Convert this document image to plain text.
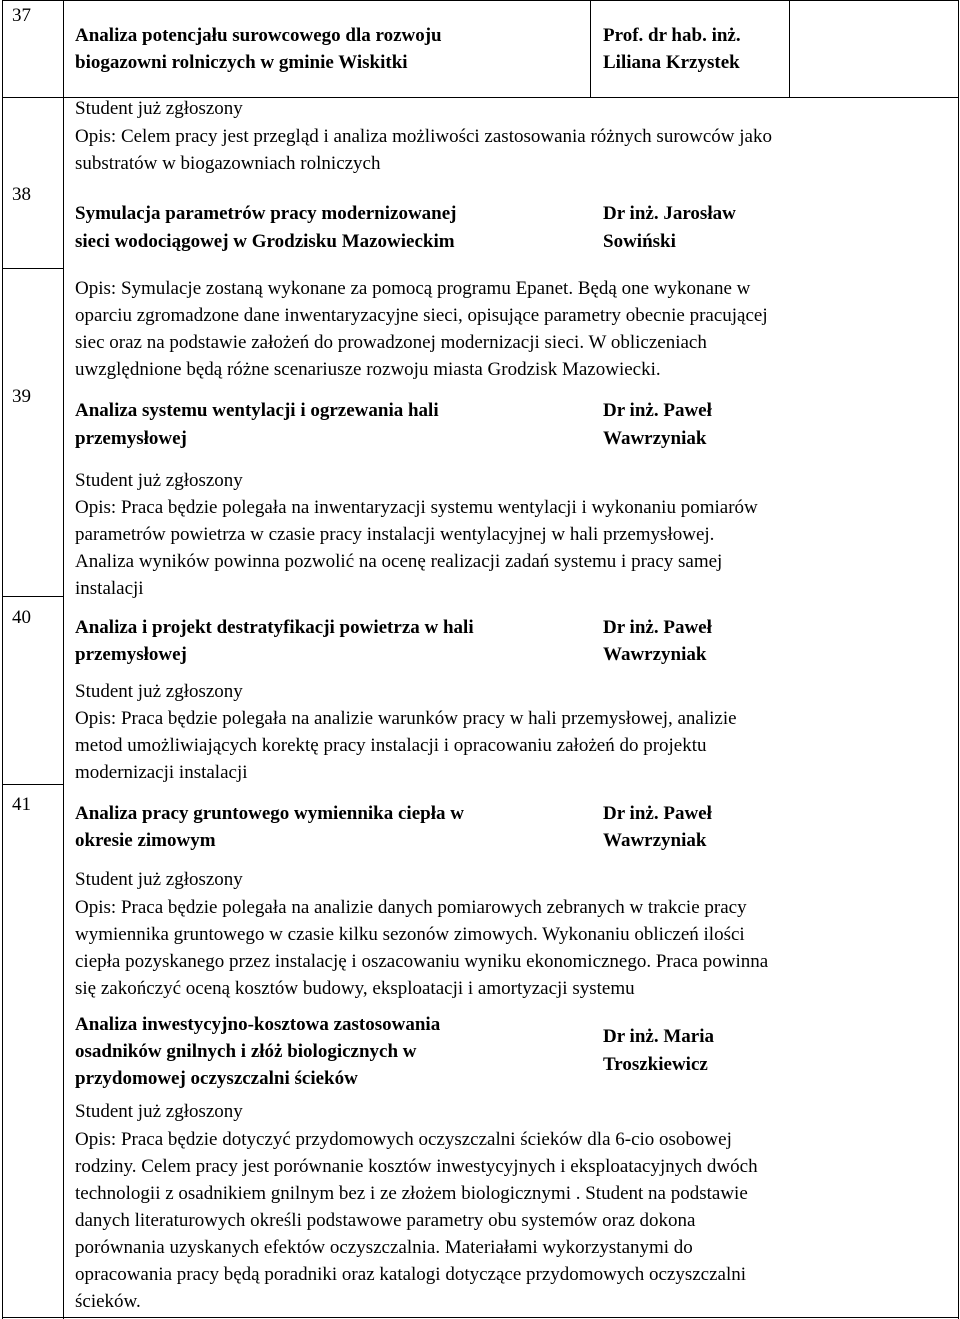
37
38
39
40
41
Analiza potencjału surowcowego dla rozwoju
biogazowni rolniczych w gminie Wiskitki
Prof. dr hab. inż.
Liliana Krzystek
Student już zgłoszony
Opis: Celem pracy jest przegląd i analiza możliwości zastosowania różnych surowców jako
substratów w biogazowniach rolniczych
Symulacja parametrów pracy modernizowanej
sieci wodociągowej w Grodzisku Mazowieckim
Dr inż. Jarosław
Sowiński
Opis: Symulacje zostaną wykonane za pomocą programu Epanet. Będą one wykonane w
oparciu zgromadzone dane inwentaryzacyjne sieci, opisujące parametry obecnie pracującej
siec oraz na podstawie założeń do prowadzonej modernizacji sieci. W obliczeniach
uwzględnione będą różne scenariusze rozwoju miasta Grodzisk Mazowiecki.
Analiza systemu wentylacji i ogrzewania hali
przemysłowej
Dr inż. Paweł
Wawrzyniak
Student już zgłoszony
Opis: Praca będzie polegała na inwentaryzacji systemu wentylacji i wykonaniu pomiarów
parametrów powietrza w czasie pracy instalacji wentylacyjnej w hali przemysłowej.
Analiza wyników powinna pozwolić na ocenę realizacji zadań systemu i pracy samej
instalacji
Analiza i projekt destratyfikacji powietrza w hali
przemysłowej
Dr inż. Paweł
Wawrzyniak
Student już zgłoszony
Opis: Praca będzie polegała na analizie warunków pracy w hali przemysłowej, analizie
metod umożliwiających korektę pracy instalacji i opracowaniu założeń do projektu
modernizacji instalacji
Analiza pracy gruntowego wymiennika ciepła w
okresie zimowym
Dr inż. Paweł
Wawrzyniak
Student już zgłoszony
Opis: Praca będzie polegała na analizie danych pomiarowych zebranych w trakcie pracy
wymiennika gruntowego w czasie kilku sezonów zimowych. Wykonaniu obliczeń ilości
ciepła pozyskanego przez instalację i oszacowaniu wyniku ekonomicznego. Praca powinna
się zakończyć oceną kosztów budowy, eksploatacji i amortyzacji systemu
Analiza inwestycyjno-kosztowa zastosowania
osadników gnilnych i złóż biologicznych w
przydomowej oczyszczalni ścieków
Dr inż. Maria
Troszkiewicz
Student już zgłoszony
Opis: Praca będzie dotyczyć przydomowych oczyszczalni ścieków dla 6-cio osobowej
rodziny. Celem pracy jest porównanie kosztów inwestycyjnych i eksploatacyjnych dwóch
technologii z osadnikiem gnilnym bez i ze złożem biologicznymi . Student na podstawie
danych literaturowych określi podstawowe parametry obu systemów oraz dokona
porównania uzyskanych efektów oczyszczalnia. Materiałami wykorzystanymi do
opracowania pracy będą poradniki oraz katalogi dotyczące przydomowych oczyszczalni
ścieków.
